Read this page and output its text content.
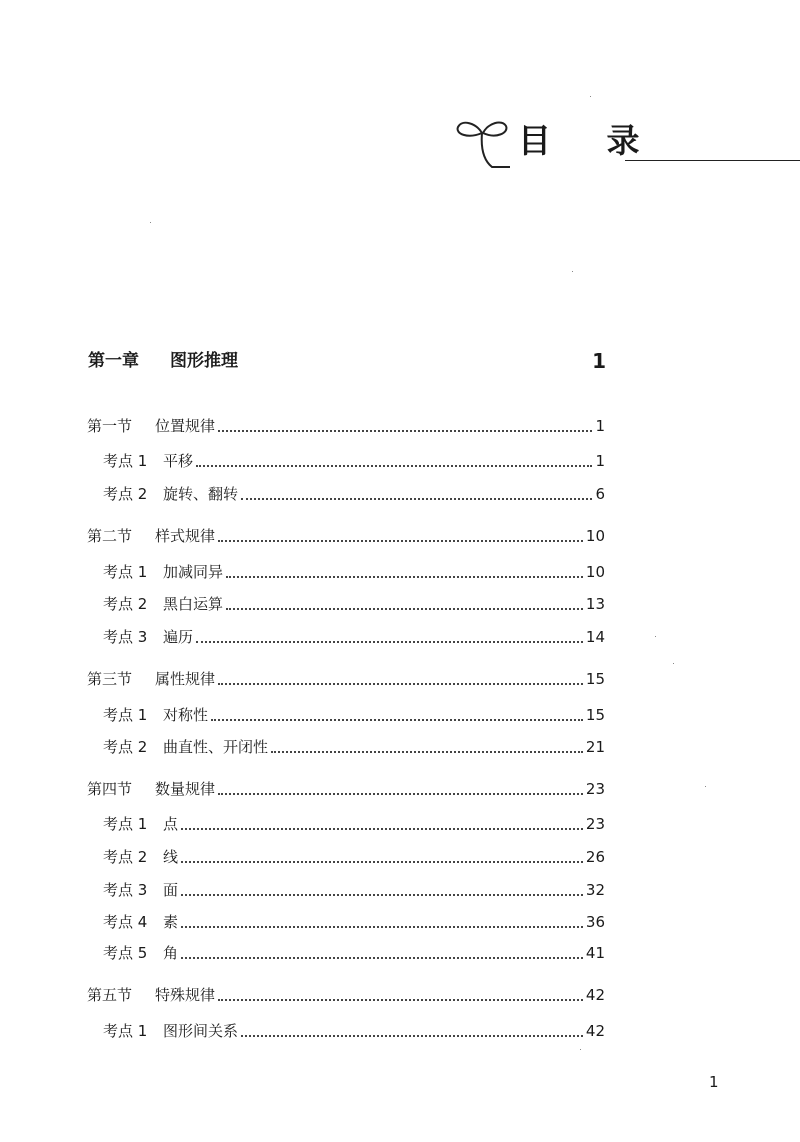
目 录
第一章 图形推理	1
第一节	位置规律	1
考点 1	平移	1
考点 2	旋转、翻转	6
第二节	样式规律	10
考点 1	加减同异	10
考点 2	黑白运算	13
考点 3	遍历	14
第三节	属性规律	15
考点 1	对称性	15
考点 2	曲直性、开闭性	21
第四节	数量规律	23
考点 1	点	23
考点 2	线	26
考点 3	面	32
考点 4	素	36
考点 5	角	41
第五节	特殊规律	42
考点 1	图形间关系	42
1
